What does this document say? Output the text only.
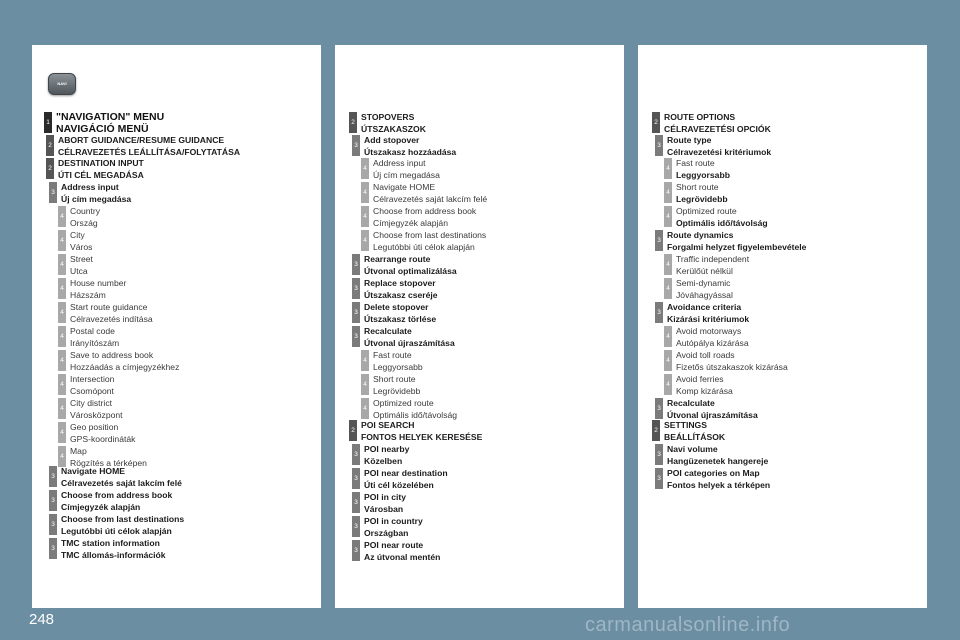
NAVI
1 "NAVIGATION" MENU
NAVIGÁCIÓ MENÜ
2
ABORT GUIDANCE/RESUME GUIDANCE
CÉLRAVEZETÉS LEÁLLÍTÁSA/FOLYTATÁSA
2
DESTINATION INPUT
ÚTI CÉL MEGADÁSA
3
Address input
Új cím megadása
4
Country
Ország
4
City
Város
4
Street
Utca
4
House number
Házszám
4
Start route guidance
Célravezetés indítása
4
Postal code
Irányítószám
4
Save to address book
Hozzáadás a címjegyzékhez
4
Intersection
Csomópont
4
City district
Városközpont
4
Geo position
GPS-koordináták
4
Map
Rögzítés a térképen
3
Navigate HOME
Célravezetés saját lakcím felé
3
Choose from address book
Címjegyzék alapján
3
Choose from last destinations
Legutóbbi úti célok alapján
3
TMC station information
TMC állomás-információk
2
STOPOVERS
ÚTSZAKASZOK
3
Add stopover
Útszakasz hozzáadása
4
Address input
Új cím megadása
4
Navigate HOME
Célravezetés saját lakcím felé
4
Choose from address book
Címjegyzék alapján
4
Choose from last destinations
Legutóbbi úti célok alapján
3
Rearrange route
Útvonal optimalizálása
3
Replace stopover
Útszakasz cseréje
3
Delete stopover
Útszakasz törlése
3
Recalculate
Útvonal újraszámítása
4
Fast route
Leggyorsabb
4
Short route
Legrövidebb
4
Optimized route
Optimális idő/távolság
2
POI SEARCH
FONTOS HELYEK KERESÉSE
3
POI nearby
Közelben
3
POI near destination
Úti cél közelében
3
POI in city
Városban
3
POI in country
Országban
3
POI near route
Az útvonal mentén
2
ROUTE OPTIONS
CÉLRAVEZETÉSI OPCIÓK
3
Route type
Célravezetési kritériumok
4
Fast route
Leggyorsabb
4
Short route
Legrövidebb
4
Optimized route
Optimális idő/távolság
3
Route dynamics
Forgalmi helyzet figyelembevétele
4
Traffic independent
Kerülőút nélkül
4
Semi-dynamic
Jóváhagyással
3
Avoidance criteria
Kizárási kritériumok
4
Avoid motorways
Autópálya kizárása
4
Avoid toll roads
Fizetős útszakaszok kizárása
4
Avoid ferries
Komp kizárása
3
Recalculate
Útvonal újraszámítása
2
SETTINGS
BEÁLLÍTÁSOK
3
Navi volume
Hangüzenetek hangereje
3
POI categories on Map
Fontos helyek a térképen
248	carmanualsonline.info
